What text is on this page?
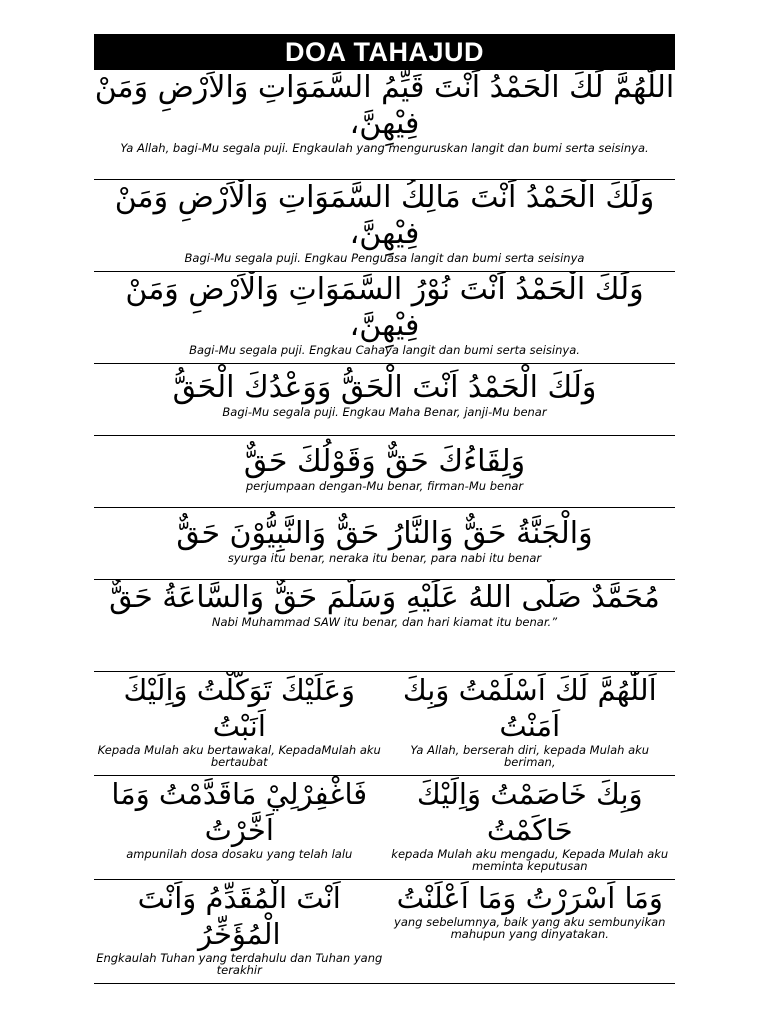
DOA TAHAJUD
اللّٰهُمَّ لَكَ الْحَمْدُ اَنْتَ قَيِّمُ السَّمَوَاتِ وَالاَرْضِ وَمَنْ فِيْهِنَّ،
Ya Allah, bagi-Mu segala puji. Engkaulah yang menguruskan langit dan bumi serta seisinya.
وَلَكَ الْحَمْدُ اَنْتَ مَالِكُ السَّمَوَاتِ وَالْاَرْضِ وَمَنْ فِيْهِنَّ،
Bagi-Mu segala puji. Engkau Penguasa langit dan bumi serta seisinya
وَلَكَ الْحَمْدُ اَنْتَ نُوْرُ السَّمَوَاتِ وَالْاَرْضِ وَمَنْ فِيْهِنَّ،
Bagi-Mu segala puji. Engkau Cahaya langit dan bumi serta seisinya.
وَلَكَ الْحَمْدُ اَنْتَ الْحَقُّ وَوَعْدُكَ الْحَقُّ
Bagi-Mu segala puji. Engkau Maha Benar, janji-Mu benar
وَلِقَاءُكَ حَقٌّ وَقَوْلُكَ حَقٌّ
perjumpaan dengan-Mu benar, firman-Mu benar
وَالْجَنَّةُ حَقٌّ وَالنَّارُ حَقٌّ وَالنَّبِيُّوْنَ حَقٌّ
syurga itu benar, neraka itu benar, para nabi itu benar
مُحَمَّدٌ صَلَّى اللهُ عَلَيْهِ وَسَلَّمَ حَقٌّ وَالسَّاعَةُ حَقٌّ
Nabi Muhammad SAW itu benar, dan hari kiamat itu benar.”
وَعَلَيْكَ تَوَكَّلْتُ وَاِلَيْكَ اَنَبْتُ
Kepada Mulah aku bertawakal, KepadaMulah aku bertaubat
اَللّٰهُمَّ لَكَ اَسْلَمْتُ وَبِكَ اَمَنْتُ
Ya Allah, berserah diri, kepada Mulah aku beriman,
فَاغْفِرْلِيْ مَاقَدَّمْتُ وَمَا اَخَّرْتُ
ampunilah dosa dosaku yang telah lalu
وَبِكَ خَاصَمْتُ وَاِلَيْكَ حَاكَمْتُ
kepada Mulah aku mengadu, Kepada Mulah aku meminta keputusan
اَنْتَ الْمُقَدِّمُ وَاَنْتَ الْمُؤَخِّرُ
Engkaulah Tuhan yang terdahulu dan Tuhan yang terakhir
وَمَا اَسْرَرْتُ وَمَا اَعْلَنْتُ
yang sebelumnya, baik yang aku sembunyikan mahupun yang dinyatakan.
